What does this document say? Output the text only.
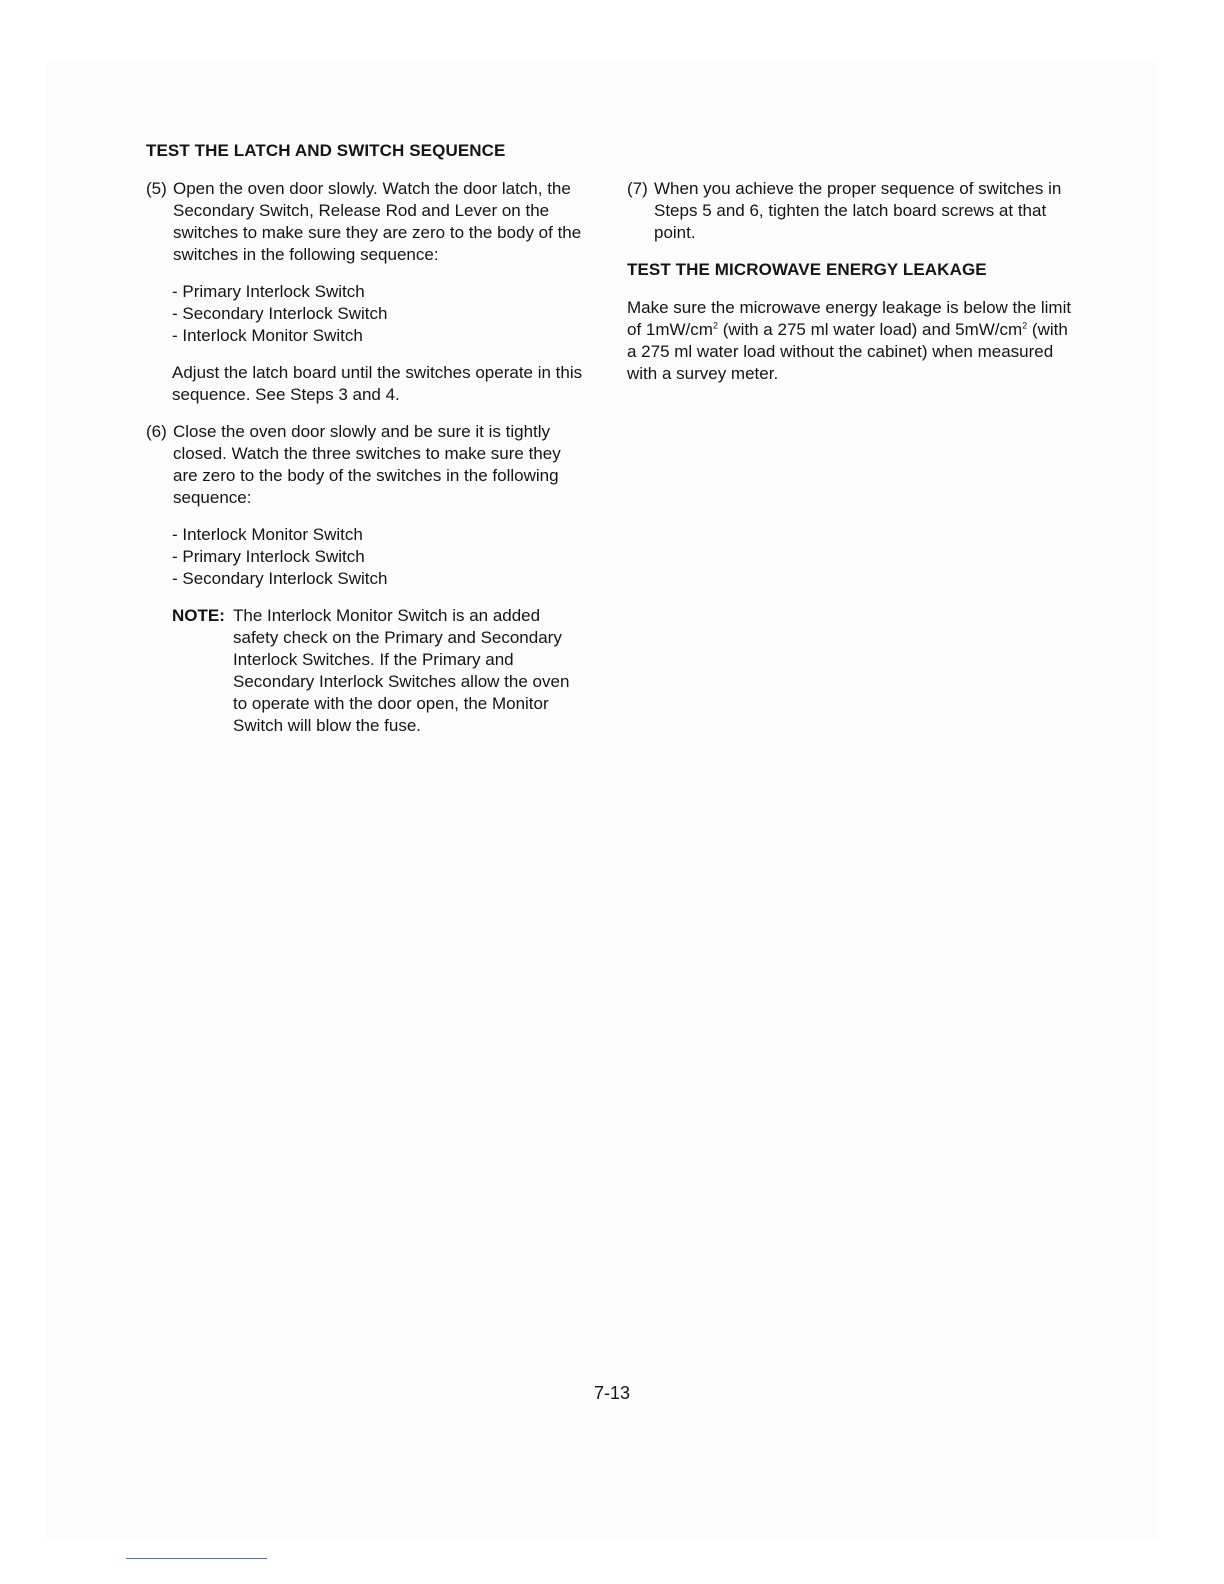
TEST THE LATCH AND SWITCH SEQUENCE
(5) Open the oven door slowly. Watch the door latch, the Secondary Switch, Release Rod and Lever on the switches to make sure they are zero to the body of the switches in the following sequence:

- Primary Interlock Switch
- Secondary Interlock Switch
- Interlock Monitor Switch

Adjust the latch board until the switches operate in this sequence. See Steps 3 and 4.

(6) Close the oven door slowly and be sure it is tightly closed. Watch the three switches to make sure they are zero to the body of the switches in the following sequence:

- Interlock Monitor Switch
- Primary Interlock Switch
- Secondary Interlock Switch
NOTE: The Interlock Monitor Switch is an added safety check on the Primary and Secondary Interlock Switches. If the Primary and Secondary Interlock Switches allow the oven to operate with the door open, the Monitor Switch will blow the fuse.
(7) When you achieve the proper sequence of switches in Steps 5 and 6, tighten the latch board screws at that point.

TEST THE MICROWAVE ENERGY LEAKAGE

Make sure the microwave energy leakage is below the limit of $1mW/cm^2$ (with a 275 ml water load) and $5mW/cm^2$ (with a 275 ml water load without the cabinet) when measured with a survey meter.

7-13
